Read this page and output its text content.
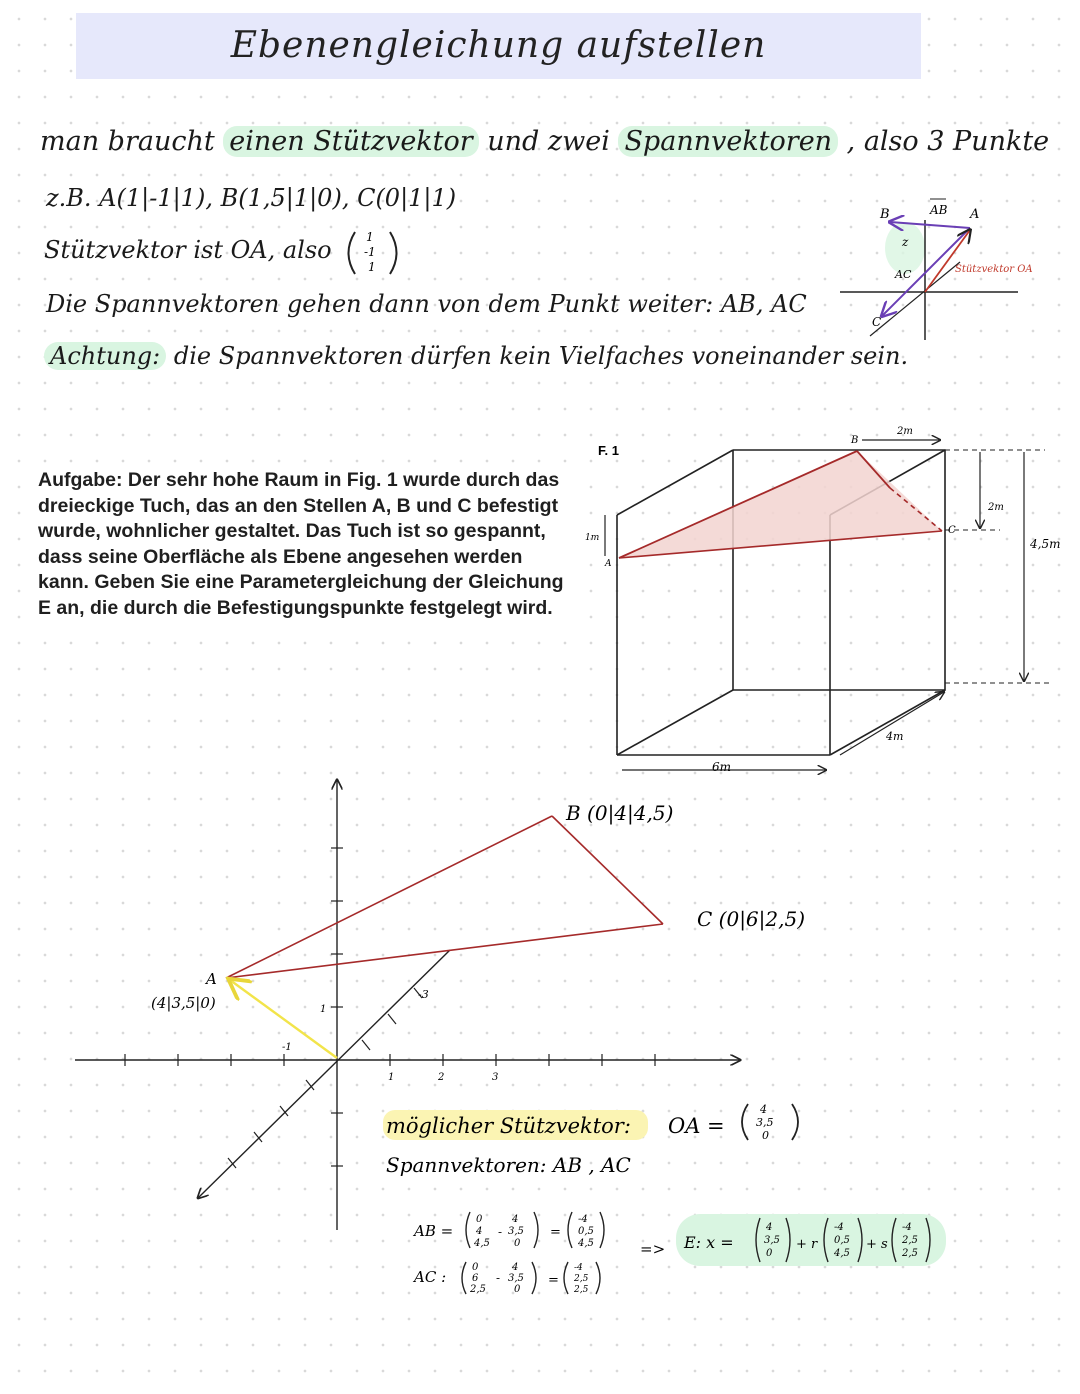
Ebenengleichung aufstellen
man braucht einen Stützvektor und zwei Spannvektoren , also 3 Punkte
z.B. A(1|-1|1), B(1,5|1|0), C(0|1|1)
Stützvektor ist OA, also	1
-1
1
Die Spannvektoren gehen dann von dem Punkt weiter: AB, AC
Achtung: die Spannvektoren dürfen kein Vielfaches voneinander sein.
Aufgabe: Der sehr hohe Raum in Fig. 1 wurde durch das dreieckige Tuch, das an den Stellen A, B und C befestigt wurde, wohnlicher gestaltet. Das Tuch ist so gespannt, dass seine Oberfläche als Ebene angesehen werden kann. Geben Sie eine Parametergleichung der Gleichung E an, die durch die Befestigungspunkte festgelegt wird.
B	AB A
z
AC
C
Stützvektor OA
F. 1
2m
2m
4,5m
1m
6m
4m
A
B
C
1	2	3
1
-1
-3
A
(4|3,5|0)
B (0|4|4,5)
C (0|6|2,5)
möglicher Stützvektor: OA =
4
3,5
0
Spannvektoren: AB , AC
AB =
0
4
4,5
-
4
3,5
0
=
-4
0,5
4,5
AC :
0
6
2,5
-
4
3,5
0
=
-4
2,5
2,5
=> E: x =
4
3,5
0
+ r
-4
0,5
4,5
+ s
-4
2,5
2,5
